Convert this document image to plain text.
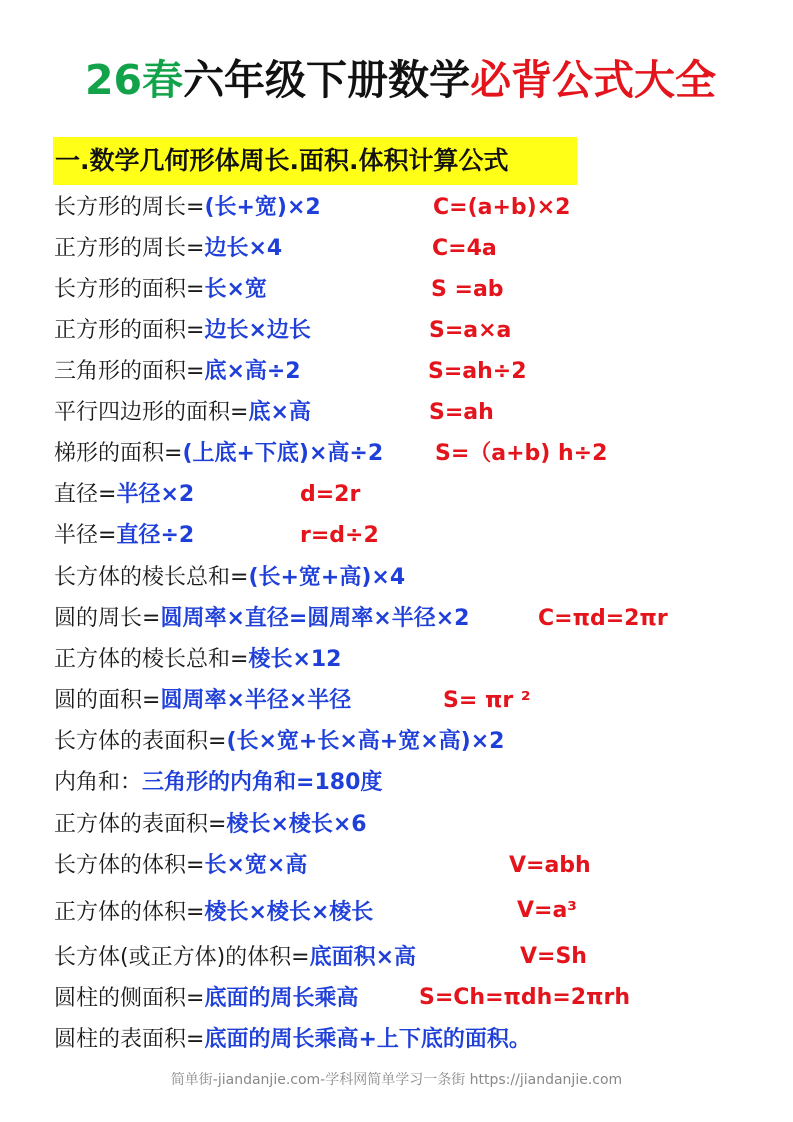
26春六年级下册数学必背公式大全
一.数学几何形体周长.面积.体积计算公式
长方形的周长=(长+宽)×2	C=(a+b)×2
正方形的周长=边长×4	C=4a
长方形的面积=长×宽	S =ab
正方形的面积=边长×边长	S=a×a
三角形的面积=底×高÷2	S=ah÷2
平行四边形的面积=底×高	S=ah
梯形的面积=(上底+下底)×高÷2 S=（a+b) h÷2
直径=半径×2	d=2r
半径=直径÷2	r=d÷2
长方体的棱长总和=(长+宽+高)×4
圆的周长=圆周率×直径=圆周率×半径×2	C=πd=2πr
正方体的棱长总和=棱长×12
圆的面积=圆周率×半径×半径	S= πr ²
长方体的表面积=(长×宽+长×高+宽×高)×2
内角和：三角形的内角和=180度
正方体的表面积=棱长×棱长×6
长方体的体积=长×宽×高	V=abh
正方体的体积=棱长×棱长×棱长	V=a³
长方体(或正方体)的体积=底面积×高	V=Sh
圆柱的侧面积=底面的周长乘高	S=Ch=πdh=2πrh
圆柱的表面积=底面的周长乘高+上下底的面积。
简单街-jiandanjie.com-学科网简单学习一条街 https://jiandanjie.com
